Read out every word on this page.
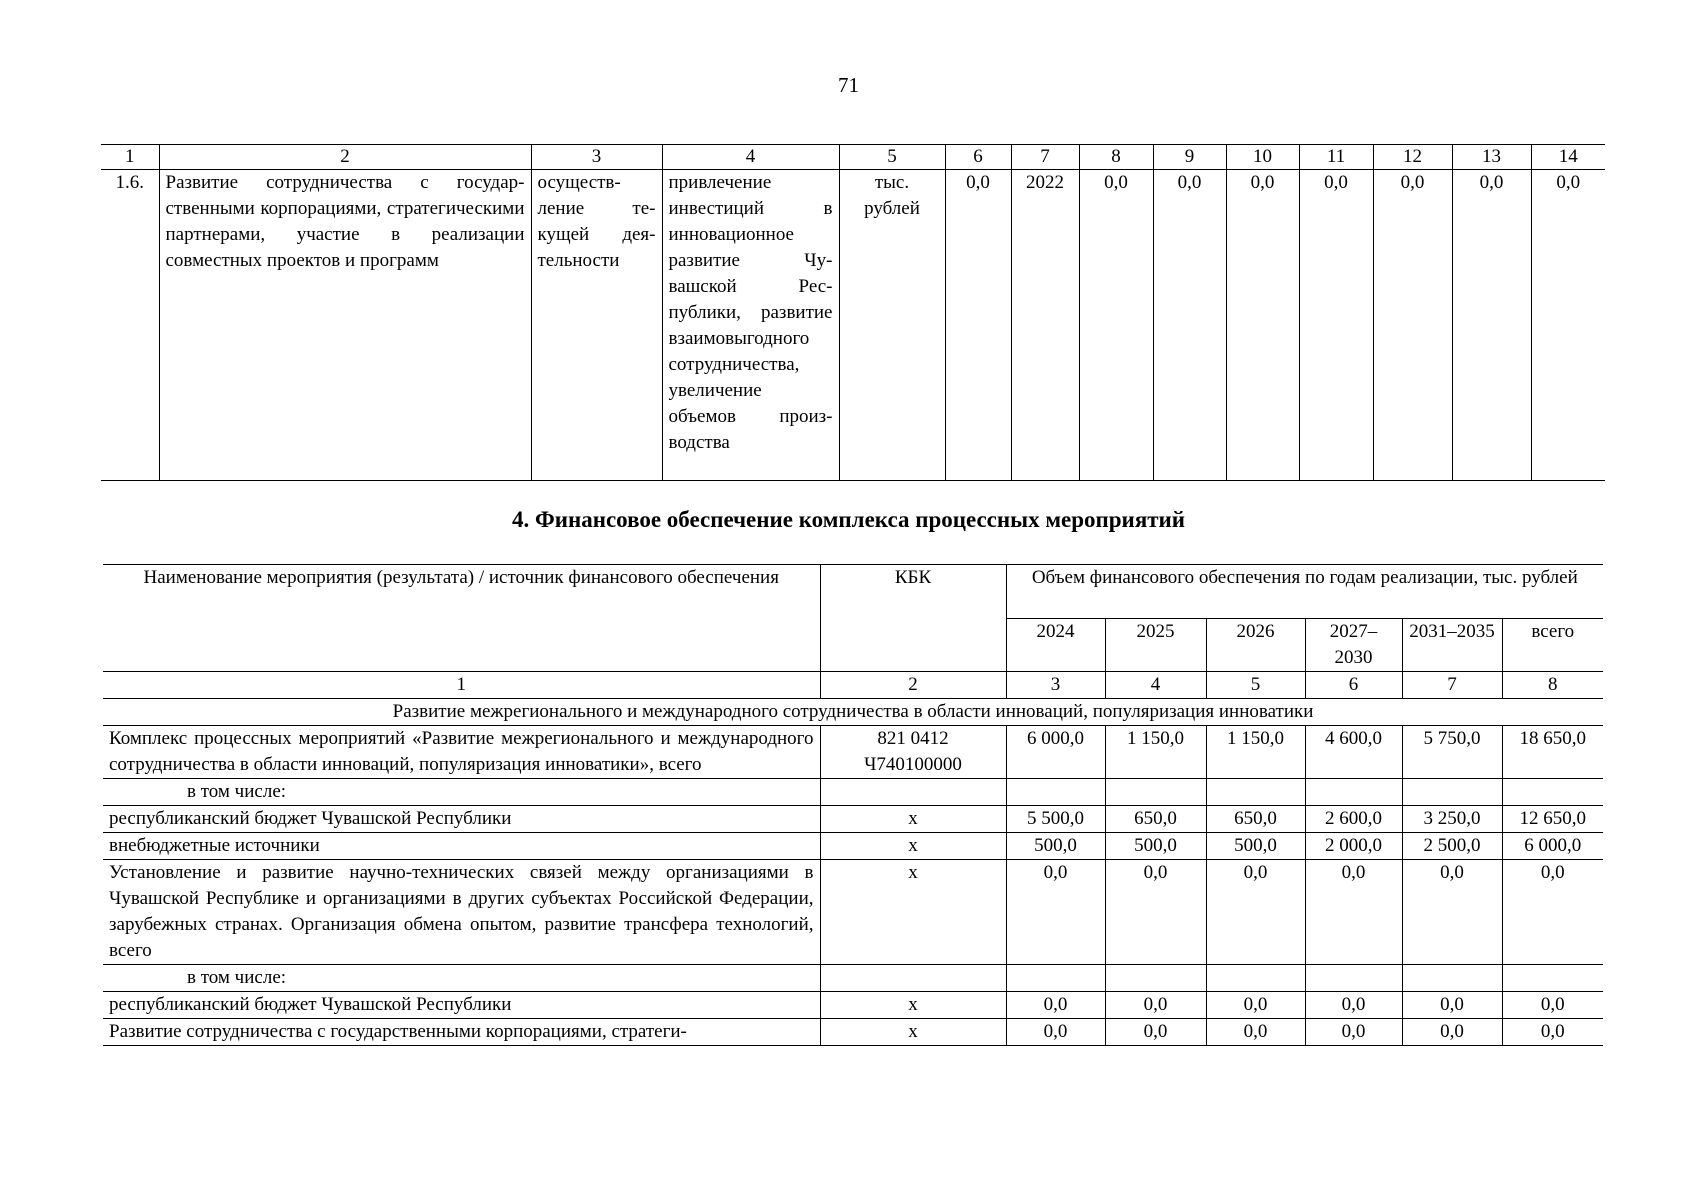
71
1	2	3	4	5	6	7	8	9	10	11	12	13	14
1.6.	Развитие сотрудничества с государственными корпорациями, стратегическими партнерами, участие в реализации совместных проектов и программ	осуществление текущей деятельности	привлечение инвестиций в инновационное развитие Чувашской Республики, развитие взаимовыгодного сотрудничества, увеличение объемов производства	тыс. рублей	0,0	2022	0,0	0,0	0,0	0,0	0,0	0,0	0,0
4. Финансовое обеспечение комплекса процессных мероприятий
Наименование мероприятия (результата) / источник финансового обеспечения	КБК	Объем финансового обеспечения по годам реализации, тыс. рублей					
		2024	2025	2026	2027–2030	2031–2035	всего
1	2	3	4	5	6	7	8
Развитие межрегионального и международного сотрудничества в области инноваций, популяризация инноватики							
Комплекс процессных мероприятий «Развитие межрегионального и международного сотрудничества в области инноваций, популяризация инноватики», всего	821 0412 Ч740100000	6 000,0	1 150,0	1 150,0	4 600,0	5 750,0	18 650,0
в том числе:							
республиканский бюджет Чувашской Республики	х	5 500,0	650,0	650,0	2 600,0	3 250,0	12 650,0
внебюджетные источники	х	500,0	500,0	500,0	2 000,0	2 500,0	6 000,0
Установление и развитие научно-технических связей между организациями в Чувашской Республике и организациями в других субъектах Российской Федерации, зарубежных странах. Организация обмена опытом, развитие трансфера технологий, всего	х	0,0	0,0	0,0	0,0	0,0	0,0
в том числе:							
республиканский бюджет Чувашской Республики	х	0,0	0,0	0,0	0,0	0,0	0,0
Развитие сотрудничества с государственными корпорациями, стратеги-	х	0,0	0,0	0,0	0,0	0,0	0,0
